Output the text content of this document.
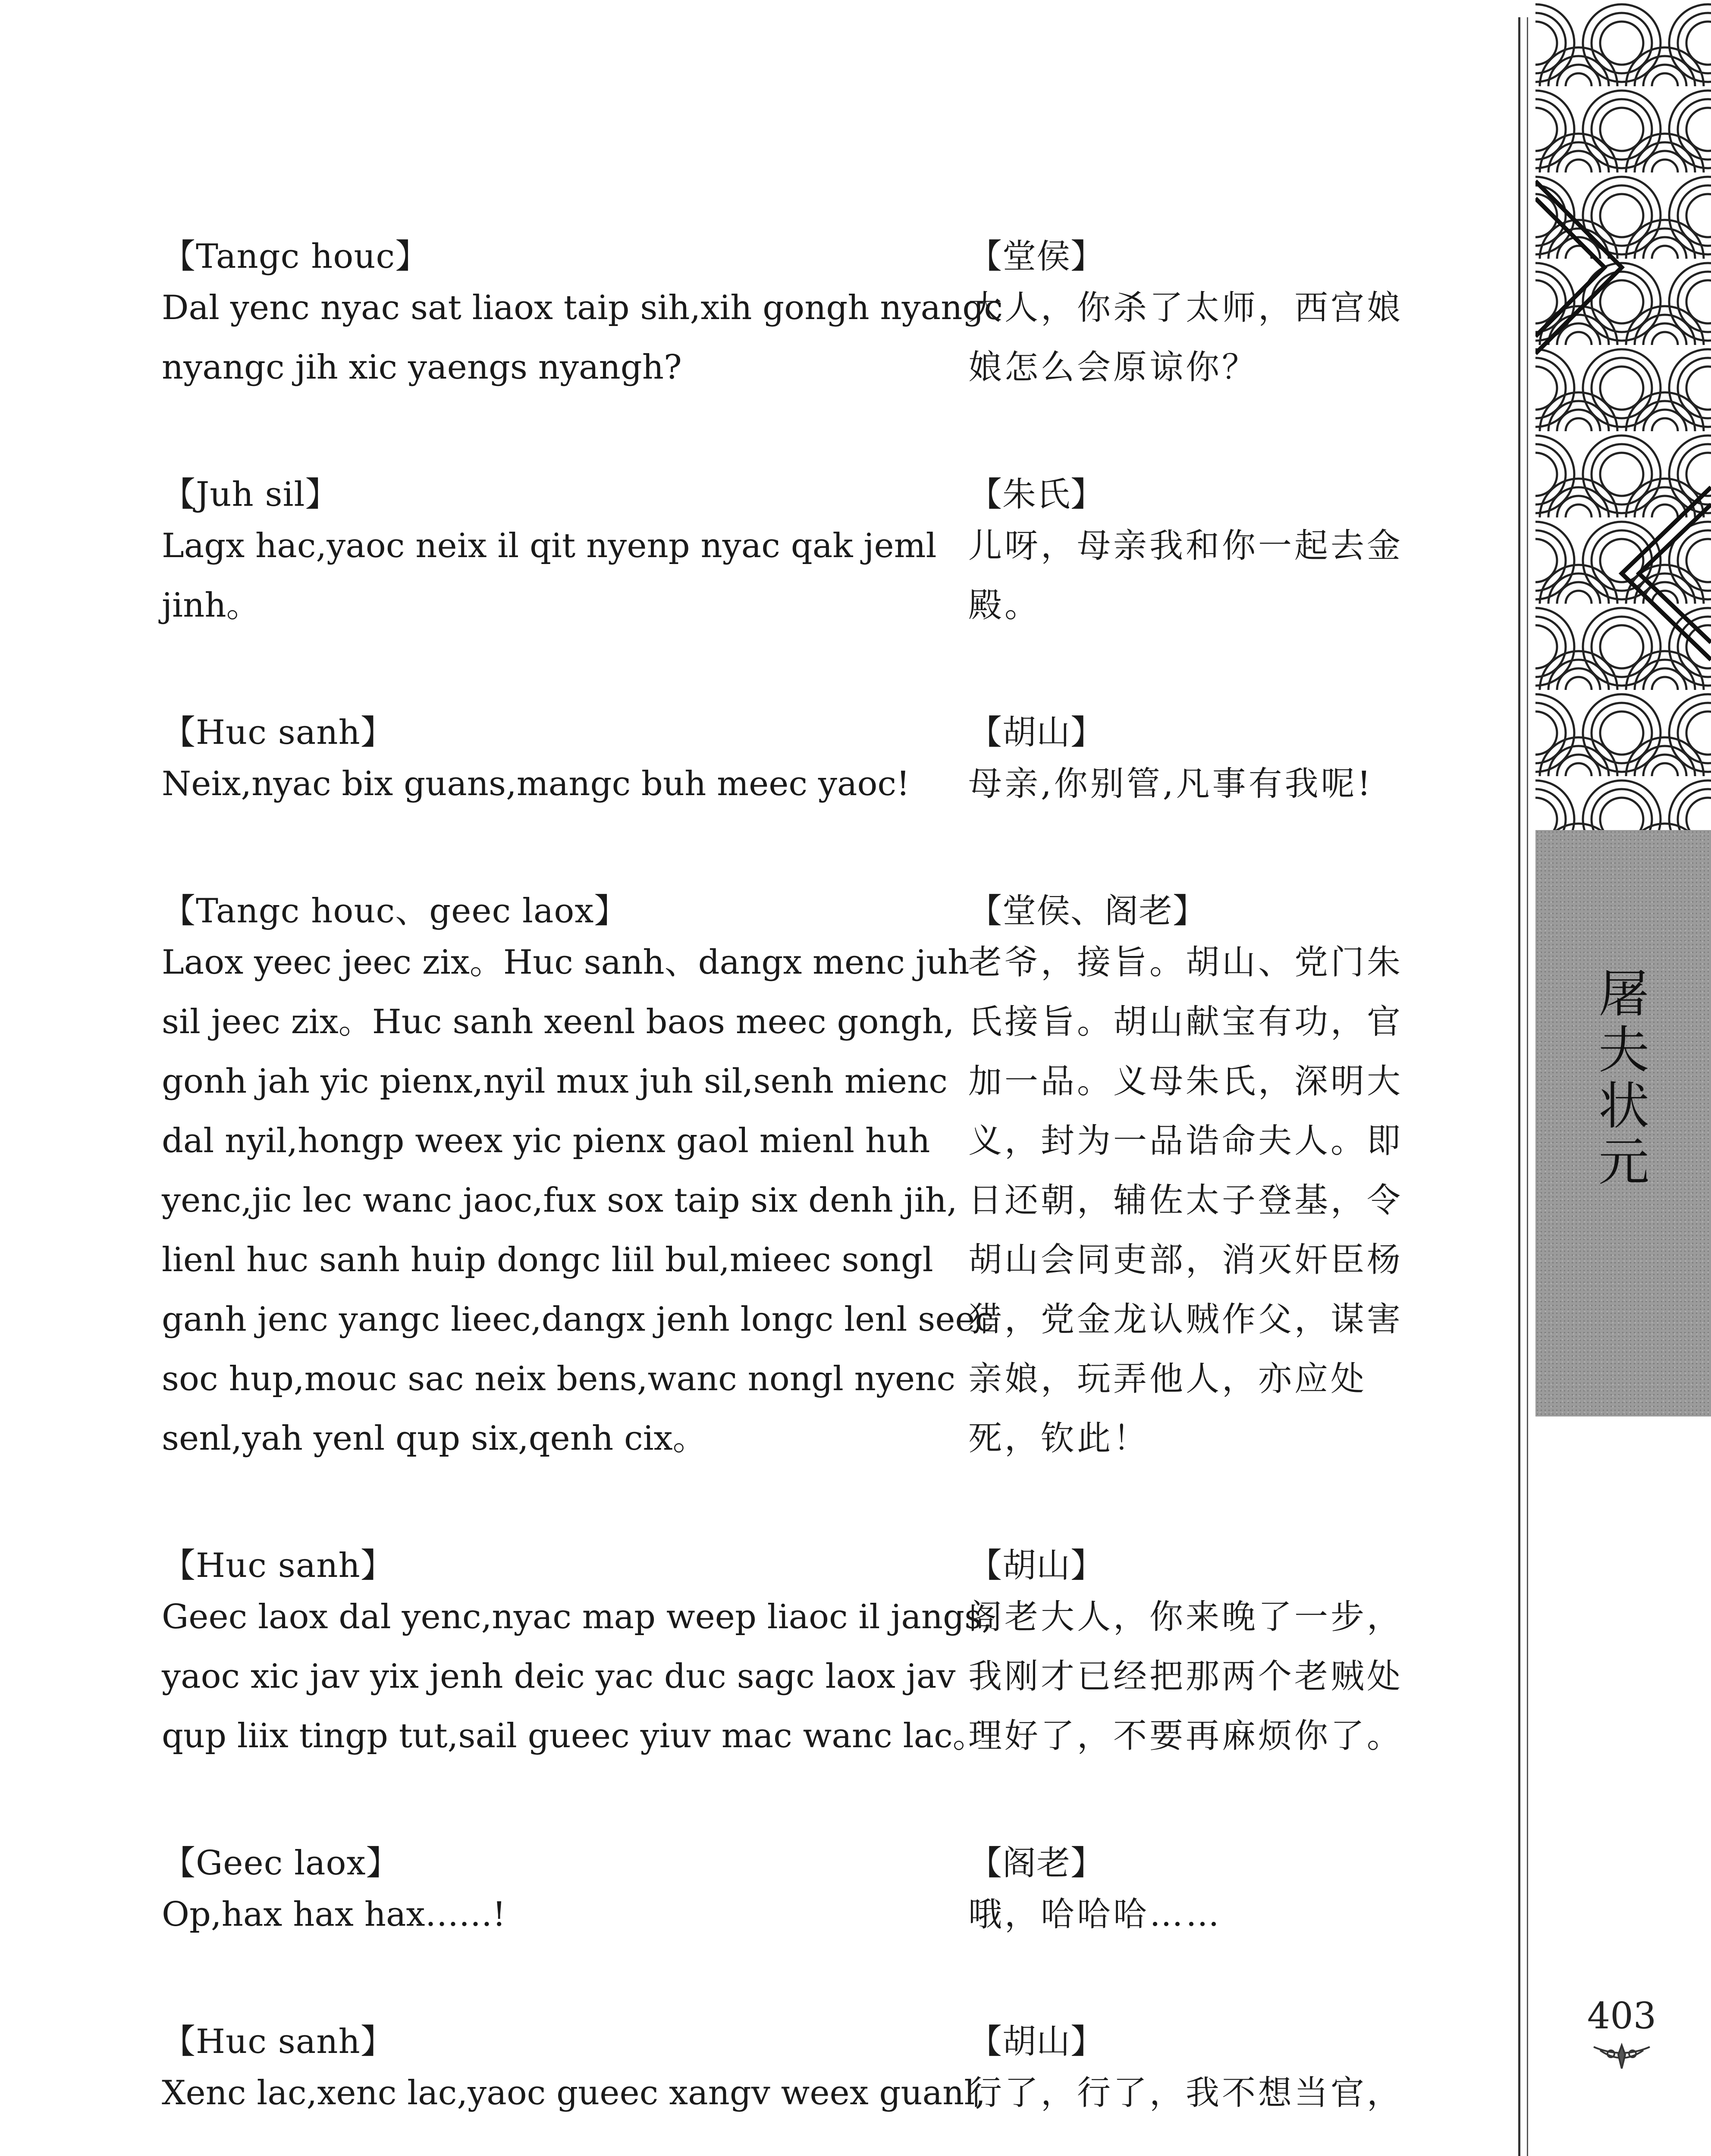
【Tangc houc】
Dal yenc nyac sat liaox taip sih,xih gongh nyangc
nyangc jih xic yaengs nyangh?
【Juh sil】
Lagx hac,yaoc neix il qit nyenp nyac qak jeml
jinh。
【Huc sanh】
Neix,nyac bix guans,mangc buh meec yaoc!
【Tangc houc、geec laox】
Laox yeec jeec zix。Huc sanh、dangx menc juh
sil jeec zix。Huc sanh xeenl baos meec gongh,
gonh jah yic pienx,nyil mux juh sil,senh mienc
dal nyil,hongp weex yic pienx gaol mienl huh
yenc,jic lec wanc jaoc,fux sox taip six denh jih,
lienl huc sanh huip dongc liil bul,mieec songl
ganh jenc yangc lieec,dangx jenh longc lenl seec
soc hup,mouc sac neix bens,wanc nongl nyenc
senl,yah yenl qup six,qenh cix。
【Huc sanh】
Geec laox dal yenc,nyac map weep liaoc il jangs,
yaoc xic jav yix jenh deic yac duc sagc laox jav
qup liix tingp tut,sail gueec yiuv mac wanc lac。
【Geec laox】
Op,hax hax hax……!
【Huc sanh】
Xenc lac,xenc lac,yaoc gueec xangv weex guanl,
【堂侯】
大人，你杀了太师，西宫娘
娘怎么会原谅你？
【朱氏】
儿呀，母亲我和你一起去金
殿。
【胡山】
母亲,你别管,凡事有我呢!
【堂侯、阁老】
老爷，接旨。胡山、党门朱
氏接旨。胡山献宝有功，官
加一品。义母朱氏，深明大
义，封为一品诰命夫人。即
日还朝，辅佐太子登基，令
胡山会同吏部，消灭奸臣杨
猎，党金龙认贼作父，谋害
亲娘，玩弄他人，亦应处
死，钦此！
【胡山】
阁老大人，你来晚了一步，
我刚才已经把那两个老贼处
理好了，不要再麻烦你了。
【阁老】
哦，哈哈哈……
【胡山】
行了，行了，我不想当官，
屠
夫
状
元
403
